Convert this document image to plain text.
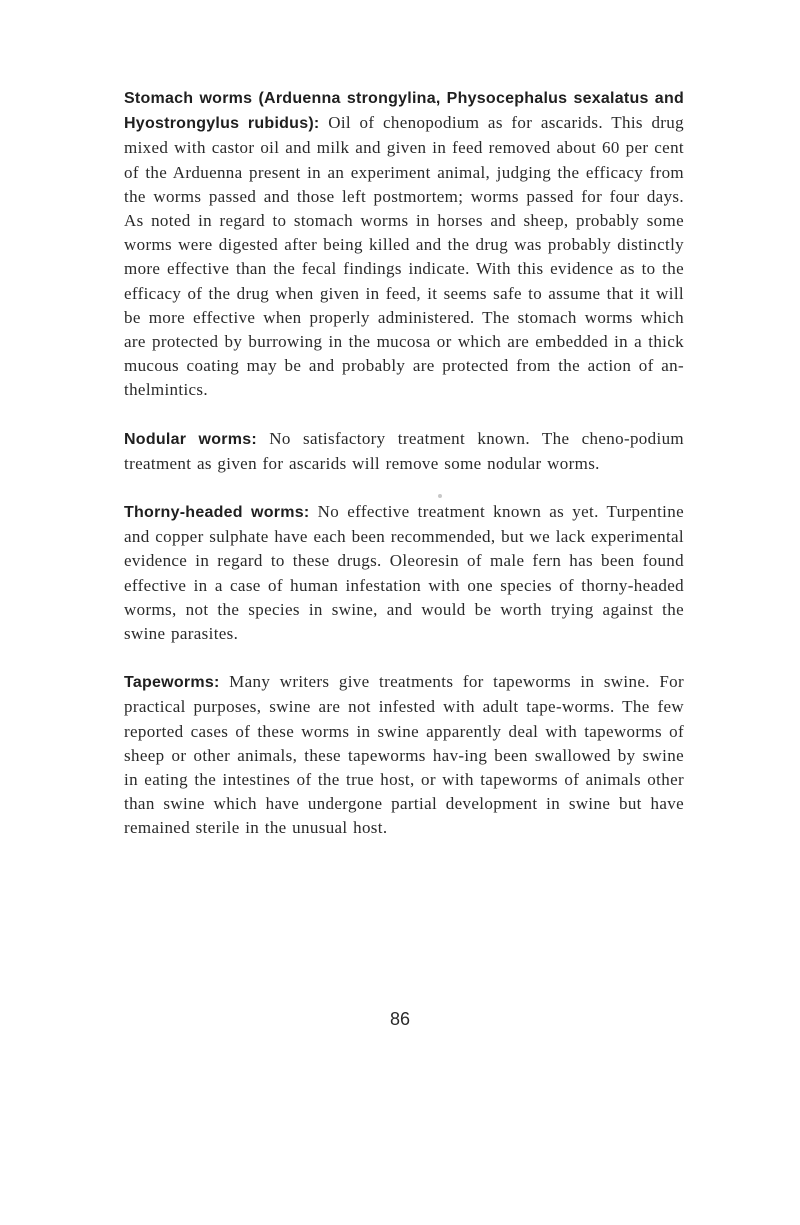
Stomach worms (Arduenna strongylina, Physocephalus sexalatus and Hyostrongylus rubidus): Oil of chenopodium as for ascarids. This drug mixed with castor oil and milk and given in feed removed about 60 per cent of the Arduenna present in an experiment animal, judging the efficacy from the worms passed and those left postmortem; worms passed for four days. As noted in regard to stomach worms in horses and sheep, probably some worms were digested after being killed and the drug was probably distinctly more effective than the fecal findings indicate. With this evidence as to the efficacy of the drug when given in feed, it seems safe to assume that it will be more effective when properly administered. The stomach worms which are protected by burrowing in the mucosa or which are embedded in a thick mucous coating may be and probably are protected from the action of an-thelmintics.

Nodular worms: No satisfactory treatment known. The cheno-podium treatment as given for ascarids will remove some nodular worms.

Thorny-headed worms: No effective treatment known as yet. Turpentine and copper sulphate have each been recommended, but we lack experimental evidence in regard to these drugs. Oleoresin of male fern has been found effective in a case of human infestation with one species of thorny-headed worms, not the species in swine, and would be worth trying against the swine parasites.

Tapeworms: Many writers give treatments for tapeworms in swine. For practical purposes, swine are not infested with adult tape-worms. The few reported cases of these worms in swine apparently deal with tapeworms of sheep or other animals, these tapeworms hav-ing been swallowed by swine in eating the intestines of the true host, or with tapeworms of animals other than swine which have undergone partial development in swine but have remained sterile in the unusual host.

86
